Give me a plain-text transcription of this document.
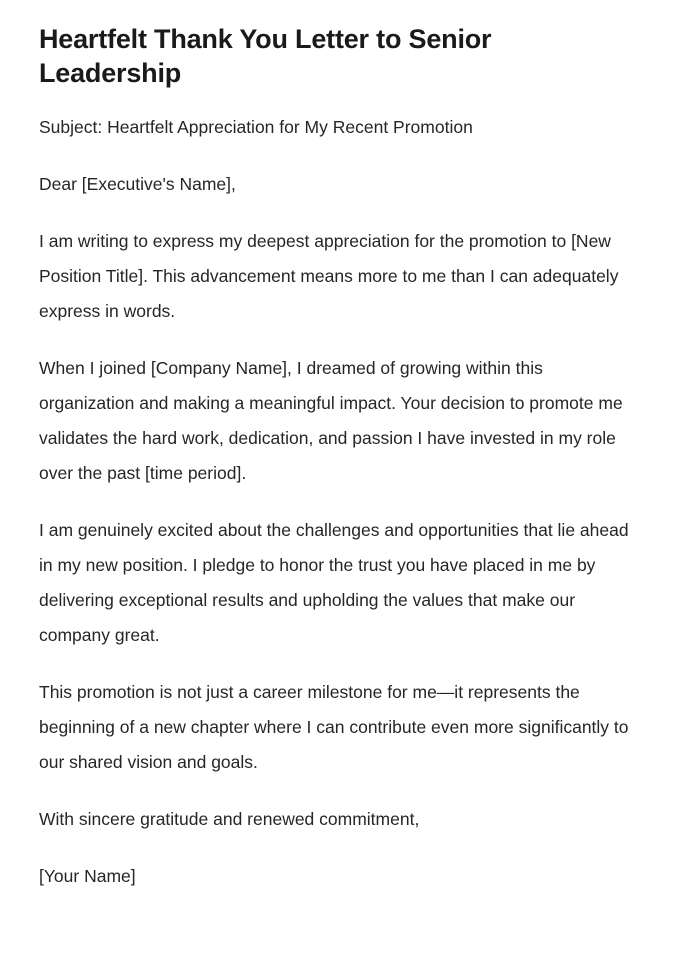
Heartfelt Thank You Letter to Senior Leadership

Subject: Heartfelt Appreciation for My Recent Promotion

Dear [Executive's Name],

I am writing to express my deepest appreciation for the promotion to [New Position Title]. This advancement means more to me than I can adequately express in words.

When I joined [Company Name], I dreamed of growing within this organization and making a meaningful impact. Your decision to promote me validates the hard work, dedication, and passion I have invested in my role over the past [time period].

I am genuinely excited about the challenges and opportunities that lie ahead in my new position. I pledge to honor the trust you have placed in me by delivering exceptional results and upholding the values that make our company great.

This promotion is not just a career milestone for me—it represents the beginning of a new chapter where I can contribute even more significantly to our shared vision and goals.

With sincere gratitude and renewed commitment,

[Your Name]
